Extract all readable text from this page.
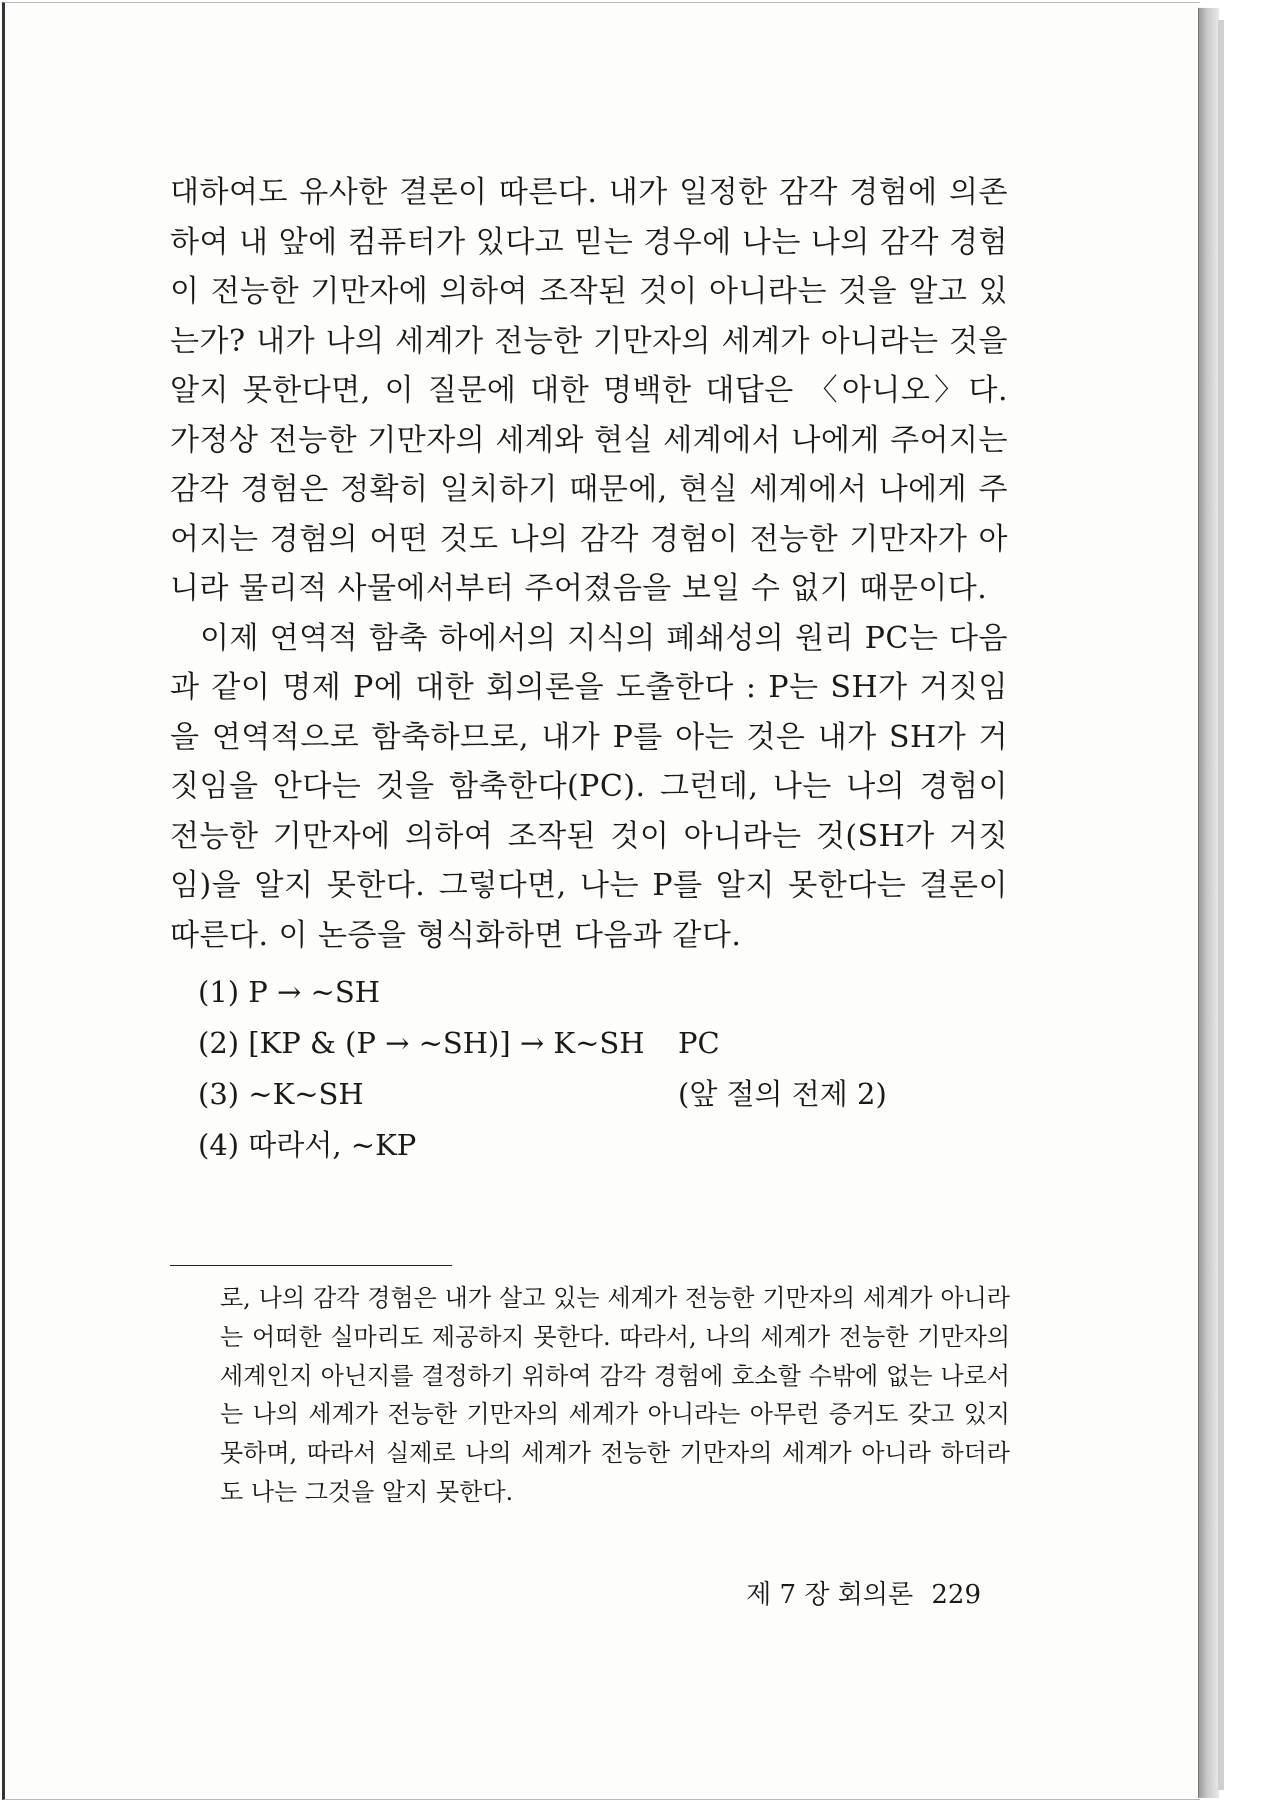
대하여도 유사한 결론이 따른다. 내가 일정한 감각 경험에 의존하여 내 앞에 컴퓨터가 있다고 믿는 경우에 나는 나의 감각 경험이 전능한 기만자에 의하여 조작된 것이 아니라는 것을 알고 있는가? 내가 나의 세계가 전능한 기만자의 세계가 아니라는 것을 알지 못한다면, 이 질문에 대한 명백한 대답은 〈아니오〉다. 가정상 전능한 기만자의 세계와 현실 세계에서 나에게 주어지는 감각 경험은 정확히 일치하기 때문에, 현실 세계에서 나에게 주어지는 경험의 어떤 것도 나의 감각 경험이 전능한 기만자가 아니라 물리적 사물에서부터 주어졌음을 보일 수 없기 때문이다.

이제 연역적 함축 하에서의 지식의 폐쇄성의 원리 PC는 다음과 같이 명제 P에 대한 회의론을 도출한다 : P는 SH가 거짓임을 연역적으로 함축하므로, 내가 P를 아는 것은 내가 SH가 거짓임을 안다는 것을 함축한다(PC). 그런데, 나는 나의 경험이 전능한 기만자에 의하여 조작된 것이 아니라는 것(SH가 거짓임)을 알지 못한다. 그렇다면, 나는 P를 알지 못한다는 결론이 따른다. 이 논증을 형식화하면 다음과 같다.

(1) P → ~SH
(2) [KP & (P → ~SH)] → K~SH PC
(3) ~K~SH	(앞 절의 전제 2)
(4) 따라서, ~KP

로, 나의 감각 경험은 내가 살고 있는 세계가 전능한 기만자의 세계가 아니라는 어떠한 실마리도 제공하지 못한다. 따라서, 나의 세계가 전능한 기만자의 세계인지 아닌지를 결정하기 위하여 감각 경험에 호소할 수밖에 없는 나로서는 나의 세계가 전능한 기만자의 세계가 아니라는 아무런 증거도 갖고 있지 못하며, 따라서 실제로 나의 세계가 전능한 기만자의 세계가 아니라 하더라도 나는 그것을 알지 못한다.

제 7 장 회의론 229
